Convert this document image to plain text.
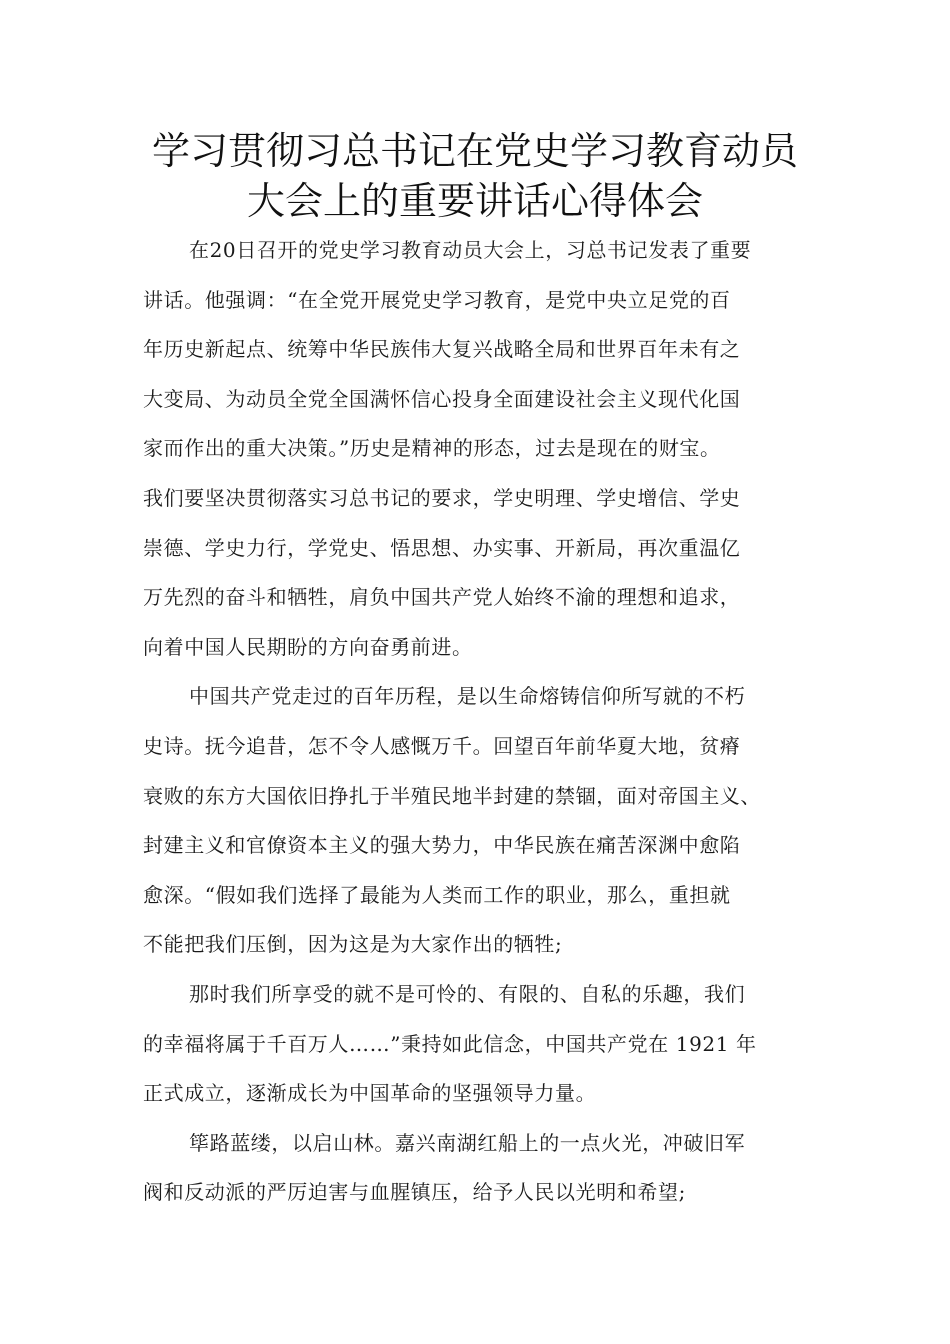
学习贯彻习总书记在党史学习教育动员
大会上的重要讲话心得体会
在20日召开的党史学习教育动员大会上，习总书记发表了重要
讲话。他强调：“在全党开展党史学习教育，是党中央立足党的百
年历史新起点、统筹中华民族伟大复兴战略全局和世界百年未有之
大变局、为动员全党全国满怀信心投身全面建设社会主义现代化国
家而作出的重大决策。”历史是精神的形态，过去是现在的财宝。
我们要坚决贯彻落实习总书记的要求，学史明理、学史增信、学史
崇德、学史力行，学党史、悟思想、办实事、开新局，再次重温亿
万先烈的奋斗和牺牲，肩负中国共产党人始终不渝的理想和追求，
向着中国人民期盼的方向奋勇前进。
中国共产党走过的百年历程，是以生命熔铸信仰所写就的不朽
史诗。抚今追昔，怎不令人感慨万千。回望百年前华夏大地，贫瘠
衰败的东方大国依旧挣扎于半殖民地半封建的禁锢，面对帝国主义、
封建主义和官僚资本主义的强大势力，中华民族在痛苦深渊中愈陷
愈深。“假如我们选择了最能为人类而工作的职业，那么，重担就
不能把我们压倒，因为这是为大家作出的牺牲;
那时我们所享受的就不是可怜的、有限的、自私的乐趣，我们
的幸福将属于千百万人……”秉持如此信念，中国共产党在 1921 年
正式成立，逐渐成长为中国革命的坚强领导力量。
筚路蓝缕，以启山林。嘉兴南湖红船上的一点火光，冲破旧军
阀和反动派的严厉迫害与血腥镇压，给予人民以光明和希望;
